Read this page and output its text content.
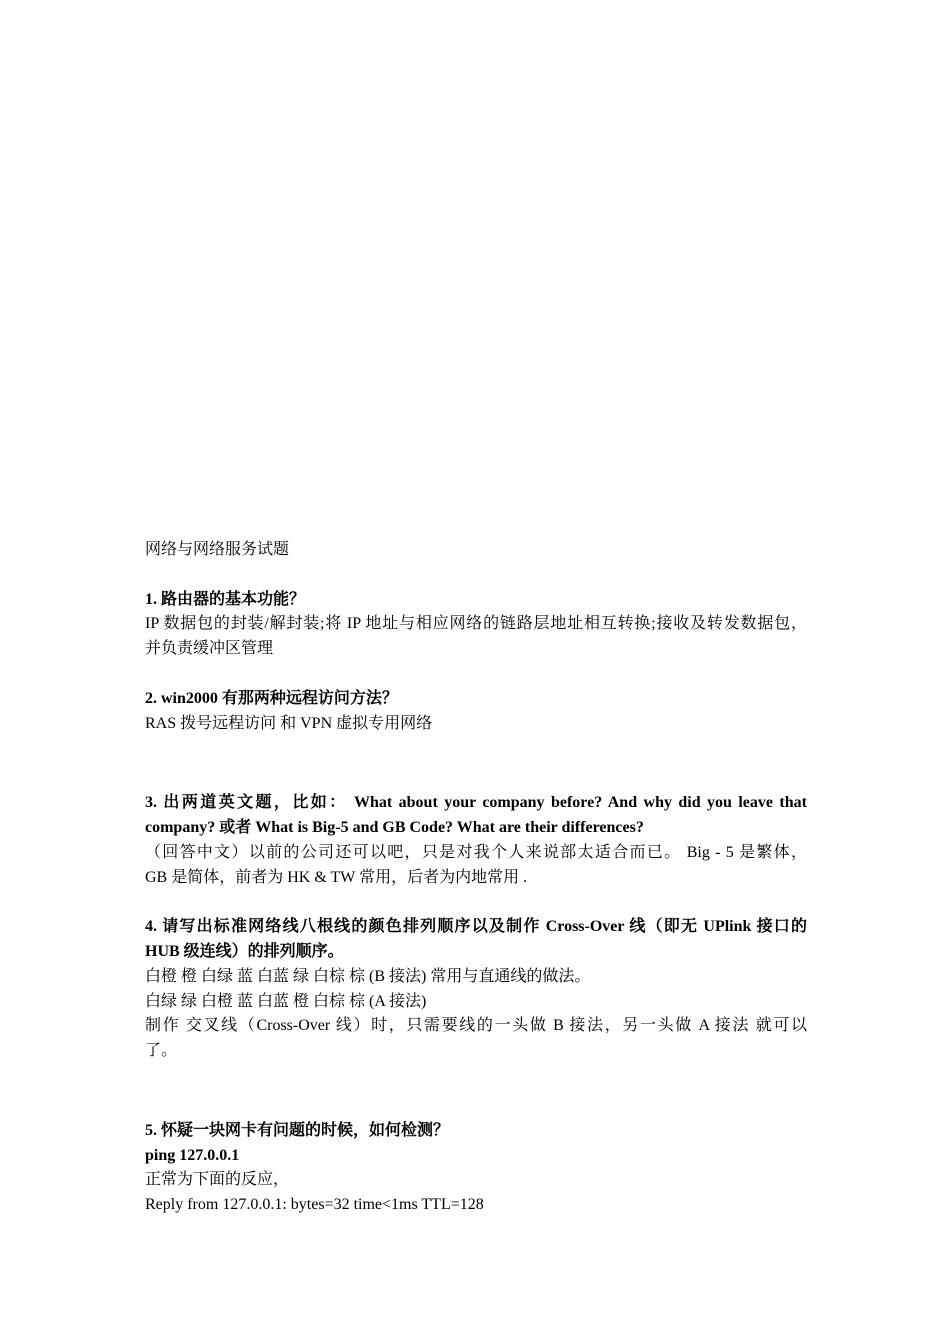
网络与网络服务试题
1. 路由器的基本功能？
IP 数据包的封装/解封装;将 IP 地址与相应网络的链路层地址相互转换;接收及转发数据包，
并负责缓冲区管理
2. win2000 有那两种远程访问方法？
RAS 拨号远程访问 和 VPN 虚拟专用网络
3. 出两道英文题，比如： What about your company before? And why did you leave that
company? 或者 What is Big-5 and GB Code? What are their differences?
（回答中文）以前的公司还可以吧，只是对我个人来说部太适合而已。 Big - 5 是繁体，
GB 是简体，前者为 HK & TW 常用，后者为内地常用 .
4. 请写出标准网络线八根线的颜色排列顺序以及制作 Cross-Over 线（即无 UPlink 接口的
HUB 级连线）的排列顺序。
白橙 橙 白绿 蓝 白蓝 绿 白棕 棕 (B 接法) 常用与直通线的做法。
白绿 绿 白橙 蓝 白蓝 橙 白棕 棕 (A 接法)
制作 交叉线（Cross-Over 线）时，只需要线的一头做 B 接法，另一头做 A 接法 就可以
了。
5. 怀疑一块网卡有问题的时候，如何检测？
ping 127.0.0.1
正常为下面的反应，
Reply from 127.0.0.1: bytes=32 time<1ms TTL=128
